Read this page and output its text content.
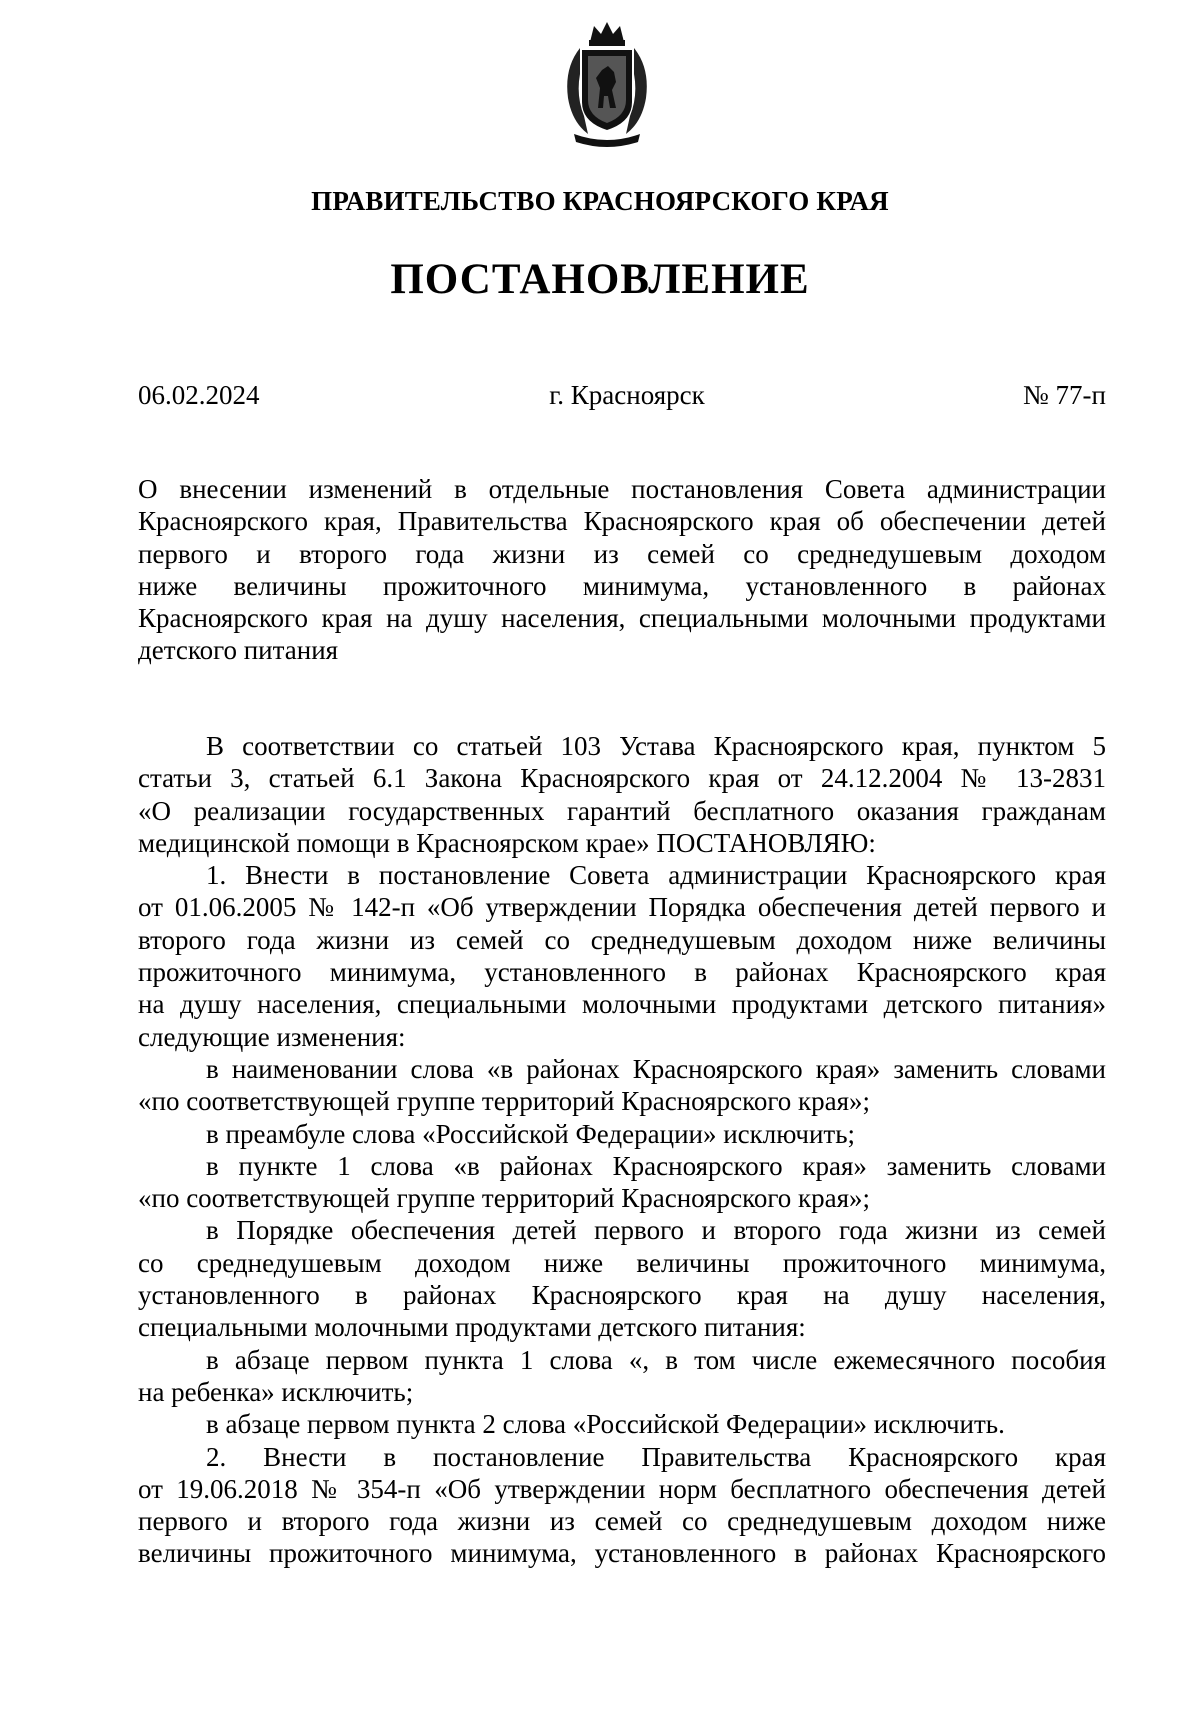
ПРАВИТЕЛЬСТВО КРАСНОЯРСКОГО КРАЯ
ПОСТАНОВЛЕНИЕ
06.02.2024	г. Красноярск	№ 77-п
О внесении изменений в отдельные постановления Совета администрации
Красноярского края, Правительства Красноярского края об обеспечении детей
первого и второго года жизни из семей со среднедушевым доходом
ниже величины прожиточного минимума, установленного в районах
Красноярского края на душу населения, специальными молочными продуктами
детского питания
В соответствии со статьей 103 Устава Красноярского края, пунктом 5
статьи 3, статьей 6.1 Закона Красноярского края от 24.12.2004 № 13-2831
«О реализации государственных гарантий бесплатного оказания гражданам
медицинской помощи в Красноярском крае» ПОСТАНОВЛЯЮ:
1. Внести в постановление Совета администрации Красноярского края
от 01.06.2005 № 142-п «Об утверждении Порядка обеспечения детей первого и
второго года жизни из семей со среднедушевым доходом ниже величины
прожиточного минимума, установленного в районах Красноярского края
на душу населения, специальными молочными продуктами детского питания»
следующие изменения:
в наименовании слова «в районах Красноярского края» заменить словами
«по соответствующей группе территорий Красноярского края»;
в преамбуле слова «Российской Федерации» исключить;
в пункте 1 слова «в районах Красноярского края» заменить словами
«по соответствующей группе территорий Красноярского края»;
в Порядке обеспечения детей первого и второго года жизни из семей
со среднедушевым доходом ниже величины прожиточного минимума,
установленного в районах Красноярского края на душу населения,
специальными молочными продуктами детского питания:
в абзаце первом пункта 1 слова «, в том числе ежемесячного пособия
на ребенка» исключить;
в абзаце первом пункта 2 слова «Российской Федерации» исключить.
2. Внести в постановление Правительства Красноярского края
от 19.06.2018 № 354-п «Об утверждении норм бесплатного обеспечения детей
первого и второго года жизни из семей со среднедушевым доходом ниже
величины прожиточного минимума, установленного в районах Красноярского
